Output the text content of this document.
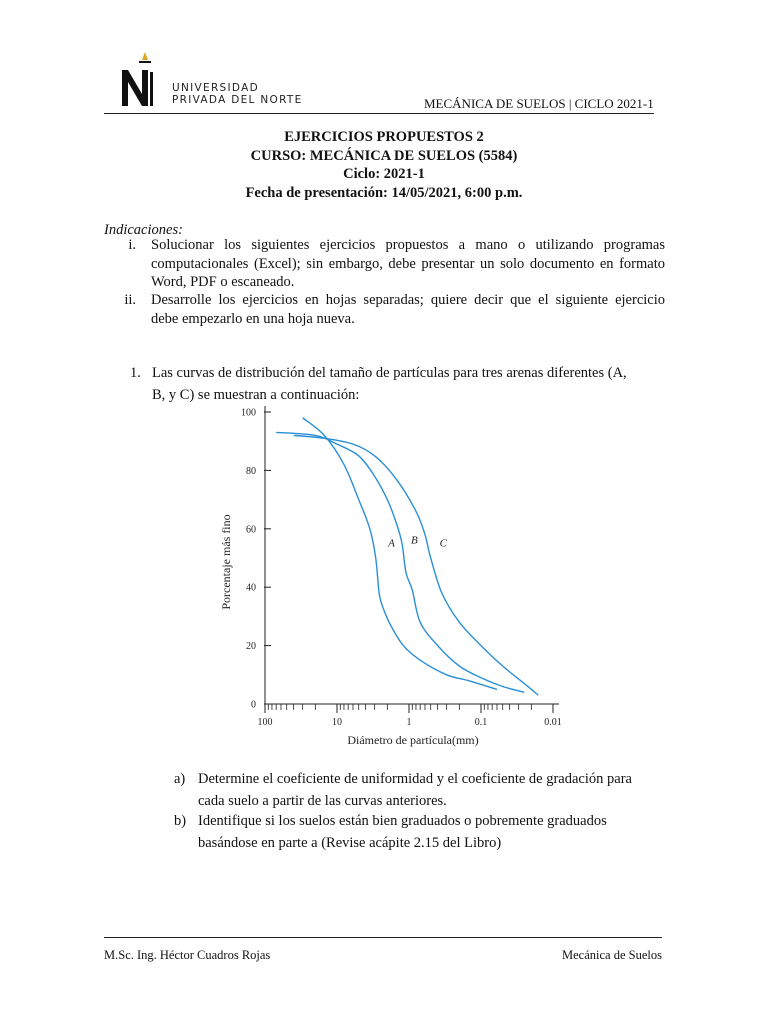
UNIVERSIDAD
PRIVADA DEL NORTE	MECÁNICA DE SUELOS | CICLO 2021-1
EJERCICIOS PROPUESTOS 2
CURSO: MECÁNICA DE SUELOS (5584)
Ciclo: 2021-1
Fecha de presentación: 14/05/2021, 6:00 p.m.
Indicaciones:
i. Solucionar los siguientes ejercicios propuestos a mano o utilizando programas
computacionales (Excel); sin embargo, debe presentar un solo documento en formato
Word, PDF o escaneado.
ii. Desarrolle los ejercicios en hojas separadas; quiere decir que el siguiente ejercicio
debe empezarlo en una hoja nueva.
1. Las curvas de distribución del tamaño de partículas para tres arenas diferentes (A,
B, y C) se muestran a continuación:
0
20
40
60
80
100
100	10	1	0.1	0.01
Diámetro de partícula(mm)
Porcentaje más fino	A B C
a) Determine el coeficiente de uniformidad y el coeficiente de gradación para
cada suelo a partir de las curvas anteriores.
b) Identifique si los suelos están bien graduados o pobremente graduados
basándose en parte a (Revise acápite 2.15 del Libro)
M.Sc. Ing. Héctor Cuadros Rojas	Mecánica de Suelos
